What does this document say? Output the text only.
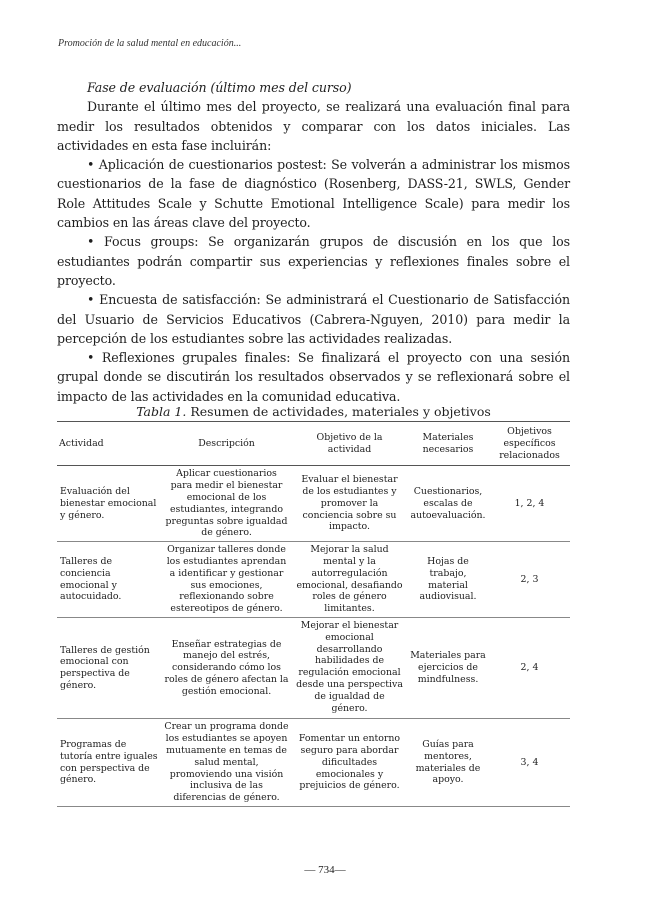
Promoción de la salud mental en educación...

Fase de evaluación (último mes del curso)

Durante el último mes del proyecto, se realizará una evaluación final para medir los resultados obtenidos y comparar con los datos iniciales. Las actividades en esta fase incluirán:

• Aplicación de cuestionarios postest: Se volverán a administrar los mismos cuestionarios de la fase de diagnóstico (Rosenberg, DASS-21, SWLS, Gender Role Attitudes Scale y Schutte Emotional Intelligence Scale) para medir los cambios en las áreas clave del proyecto.

• Focus groups: Se organizarán grupos de discusión en los que los estudiantes podrán compartir sus experiencias y reflexiones finales sobre el proyecto.

• Encuesta de satisfacción: Se administrará el Cuestionario de Satisfacción del Usuario de Servicios Educativos (Cabrera-Nguyen, 2010) para medir la percepción de los estudiantes sobre las actividades realizadas.

• Reflexiones grupales finales: Se finalizará el proyecto con una sesión grupal donde se discutirán los resultados observados y se reflexionará sobre el impacto de las actividades en la comunidad educativa.

Tabla 1. Resumen de actividades, materiales y objetivos
Actividad	Descripción	Objetivo de la actividad	Materiales necesarios	Objetivos específicos relacionados
Evaluación del bienestar emocional y género.	Aplicar cuestionarios para medir el bienestar emocional de los estudiantes, integrando preguntas sobre igualdad de género.	Evaluar el bienestar de los estudiantes y promover la conciencia sobre su impacto.	Cuestionarios, escalas de autoevaluación.	1, 2, 4
Talleres de conciencia emocional y autocuidado.	Organizar talleres donde los estudiantes aprendan a identificar y gestionar sus emociones, reflexionando sobre estereotipos de género.	Mejorar la salud mental y la autorregulación emocional, desafiando roles de género limitantes.	Hojas de trabajo, material audiovisual.	2, 3
Talleres de gestión emocional con perspectiva de género.	Enseñar estrategias de manejo del estrés, considerando cómo los roles de género afectan la gestión emocional.	Mejorar el bienestar emocional desarrollando habilidades de regulación emocional desde una perspectiva de igualdad de género.	Materiales para ejercicios de mindfulness.	2, 4
Programas de tutoría entre iguales con perspectiva de género.	Crear un programa donde los estudiantes se apoyen mutuamente en temas de salud mental, promoviendo una visión inclusiva de las diferencias de género.	Fomentar un entorno seguro para abordar dificultades emocionales y prejuicios de género.	Guías para mentores, materiales de apoyo.	3, 4
— 734—
